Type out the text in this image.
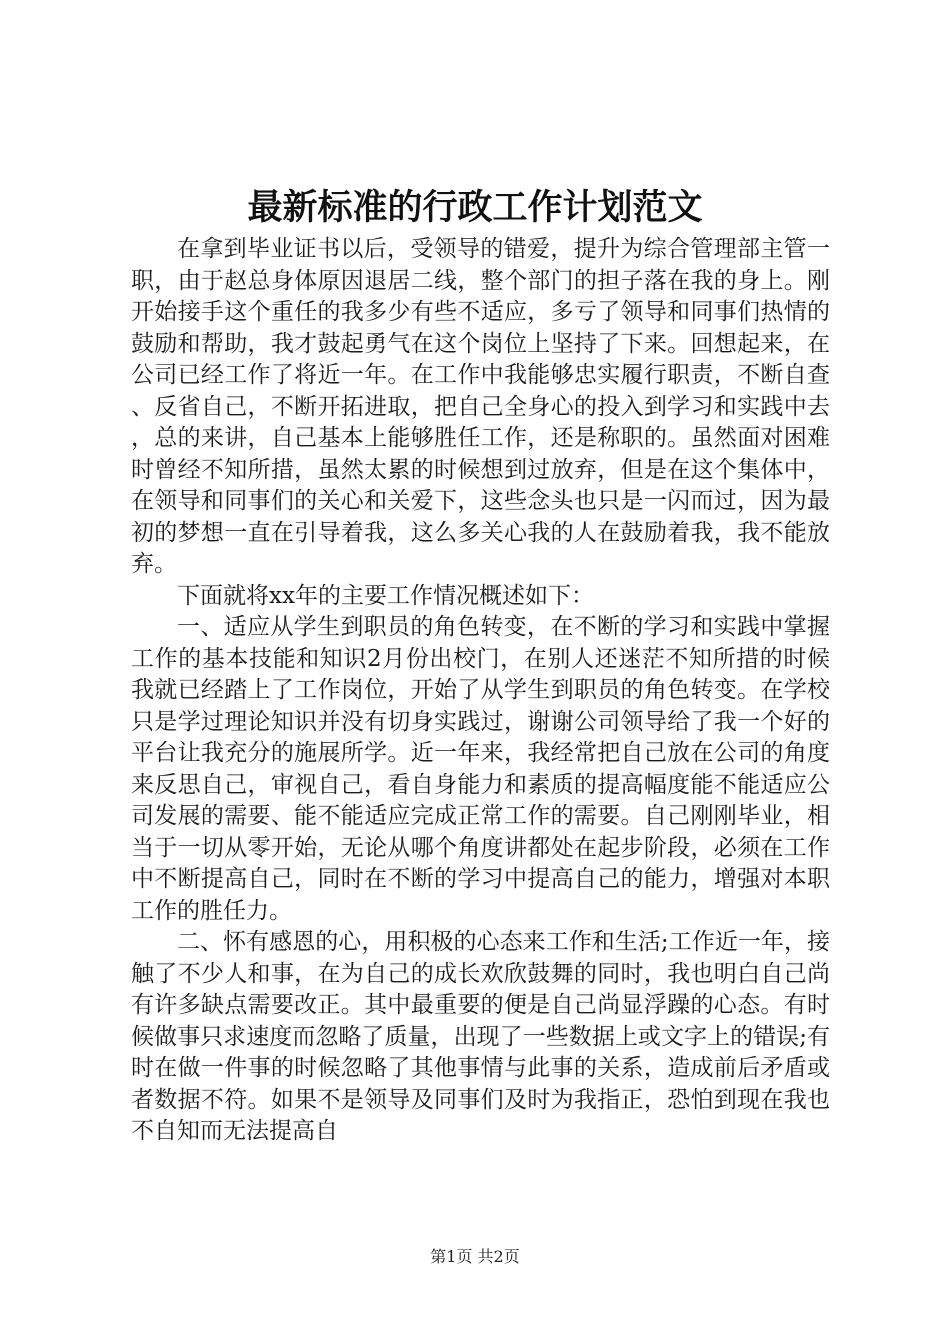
最新标准的行政工作计划范文

在拿到毕业证书以后，受领导的错爱，提升为综合管理部主管一职，由于赵总身体原因退居二线，整个部门的担子落在我的身上。刚开始接手这个重任的我多少有些不适应，多亏了领导和同事们热情的鼓励和帮助，我才鼓起勇气在这个岗位上坚持了下来。回想起来，在公司已经工作了将近一年。在工作中我能够忠实履行职责，不断自查、反省自己，不断开拓进取，把自己全身心的投入到学习和实践中去，总的来讲，自己基本上能够胜任工作，还是称职的。虽然面对困难时曾经不知所措，虽然太累的时候想到过放弃，但是在这个集体中，在领导和同事们的关心和关爱下，这些念头也只是一闪而过，因为最初的梦想一直在引导着我，这么多关心我的人在鼓励着我，我不能放弃。

下面就将xx年的主要工作情况概述如下：

一、适应从学生到职员的角色转变，在不断的学习和实践中掌握工作的基本技能和知识2月份出校门，在别人还迷茫不知所措的时候我就已经踏上了工作岗位，开始了从学生到职员的角色转变。在学校只是学过理论知识并没有切身实践过，谢谢公司领导给了我一个好的平台让我充分的施展所学。近一年来，我经常把自己放在公司的角度来反思自己，审视自己，看自身能力和素质的提高幅度能不能适应公司发展的需要、能不能适应完成正常工作的需要。自己刚刚毕业，相当于一切从零开始，无论从哪个角度讲都处在起步阶段，必须在工作中不断提高自己，同时在不断的学习中提高自己的能力，增强对本职工作的胜任力。

二、怀有感恩的心，用积极的心态来工作和生活;工作近一年，接触了不少人和事，在为自己的成长欢欣鼓舞的同时，我也明白自己尚有许多缺点需要改正。其中最重要的便是自己尚显浮躁的心态。有时候做事只求速度而忽略了质量，出现了一些数据上或文字上的错误;有时在做一件事的时候忽略了其他事情与此事的关系，造成前后矛盾或者数据不符。如果不是领导及同事们及时为我指正，恐怕到现在我也不自知而无法提高自

第1页 共2页
